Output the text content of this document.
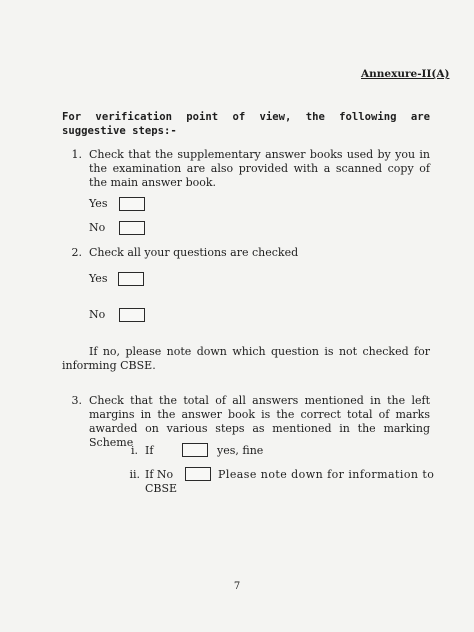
Annexure-II(A)
For verification point of view, the following are suggestive steps:-
1. Check that the supplementary answer books used by you in the examination are also provided with a scanned copy of the main answer book.
Yes
No
2. Check all your questions are checked
Yes
No
If no, please note down which question is not checked for informing CBSE.
3. Check that the total of all answers mentioned in the left margins in the answer book is the correct total of marks awarded on various steps as mentioned in the marking Scheme
i. If	yes, fine
ii. If No	Please note down for information to
CBSE
7
